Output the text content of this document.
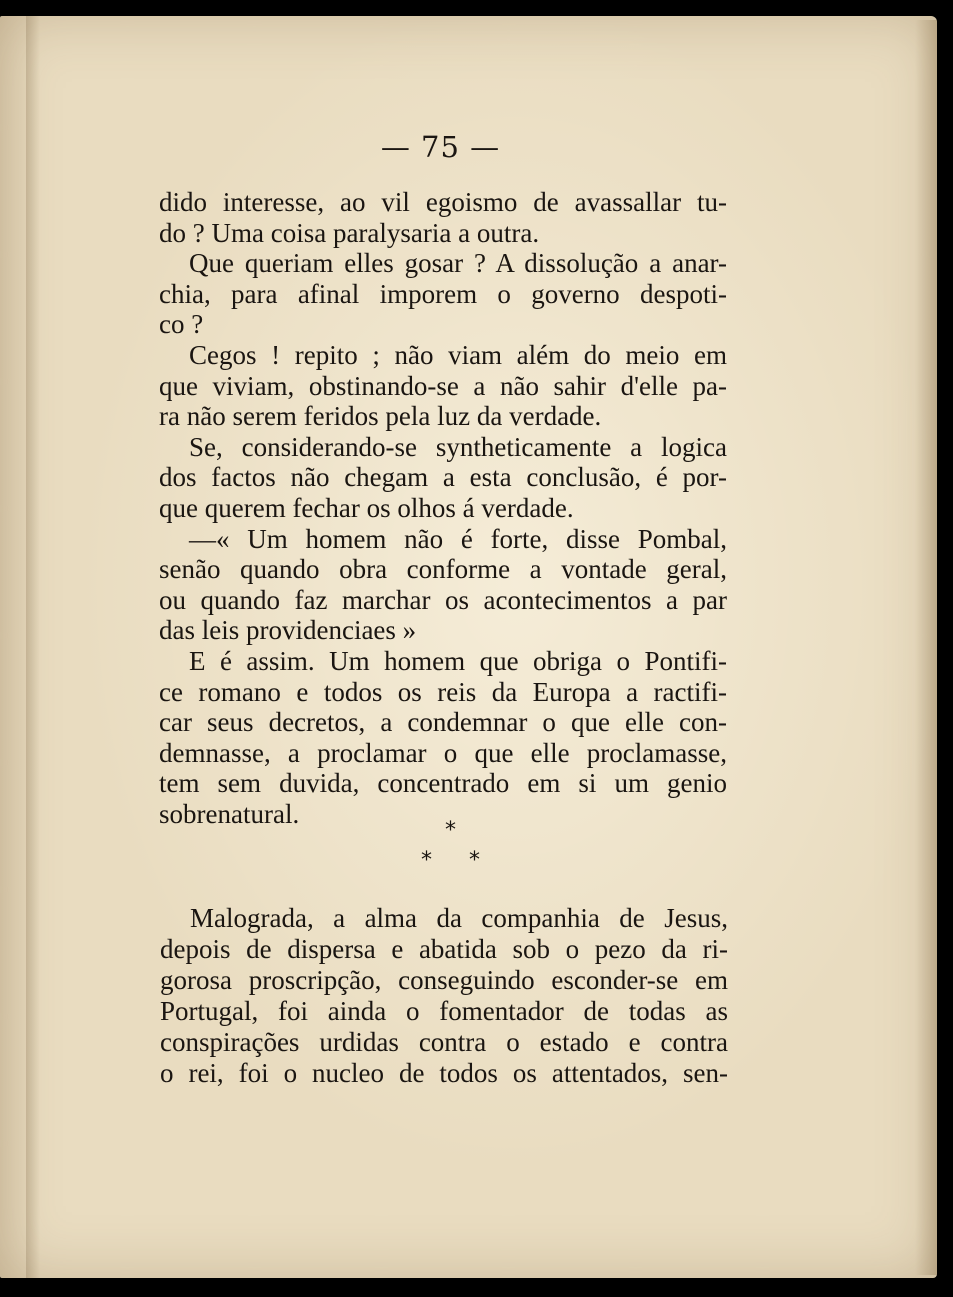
— 75 —
dido interesse, ao vil egoismo de avassallar tu-
do ? Uma coisa paralysaria a outra.
Que queriam elles gosar ? A dissolução a anar-
chia, para afinal imporem o governo despoti-
co ?
Cegos ! repito ; não viam além do meio em
que viviam, obstinando-se a não sahir d'elle pa-
ra não serem feridos pela luz da verdade.
Se, considerando-se syntheticamente a logica
dos factos não chegam a esta conclusão, é por-
que querem fechar os olhos á verdade.
—« Um homem não é forte, disse Pombal,
senão quando obra conforme a vontade geral,
ou quando faz marchar os acontecimentos a par
das leis providenciaes »
E é assim. Um homem que obriga o Pontifi-
ce romano e todos os reis da Europa a ractifi-
car seus decretos, a condemnar o que elle con-
demnasse, a proclamar o que elle proclamasse,
tem sem duvida, concentrado em si um genio
sobrenatural.
*
* *
Malograda, a alma da companhia de Jesus,
depois de dispersa e abatida sob o pezo da ri-
gorosa proscripção, conseguindo esconder-se em
Portugal, foi ainda o fomentador de todas as
conspirações urdidas contra o estado e contra
o rei, foi o nucleo de todos os attentados, sen-
